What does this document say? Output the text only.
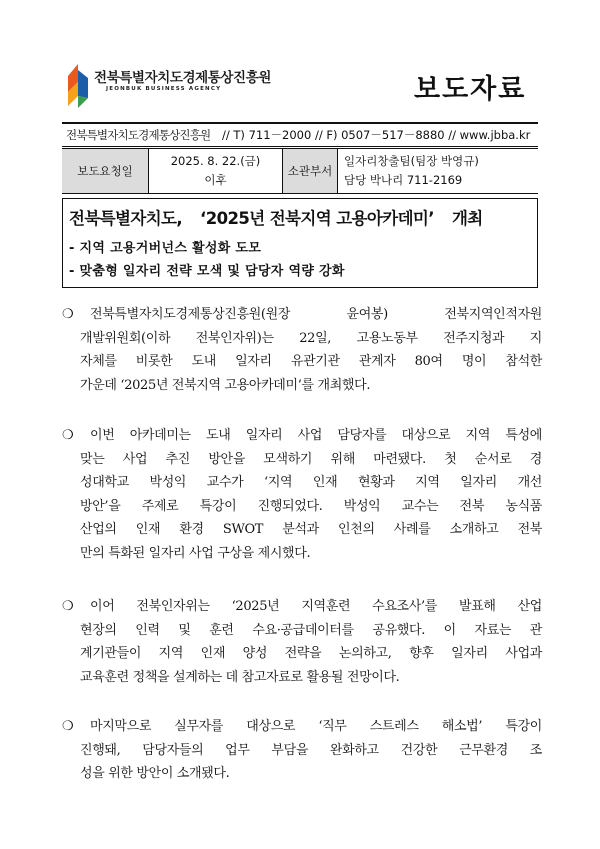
전북특별자치도경제통상진흥원
JEONBUK BUSINESS AGENCY	보도자료
전북특별자치도경제통상진흥원 // T) 711－2000 // F) 0507－517－8880 // www.jbba.kr
보도요청일
2025. 8. 22.(금)
이후
소관부서
일자리창출팀(팀장 박영규)
담당 박나리 711-2169
전북특별자치도, ‘2025년 전북지역 고용아카데미’ 개최
- 지역 고용거버넌스 활성화 도모
- 맞춤형 일자리 전략 모색 및 담당자 역량 강화
❍ 전북특별자치도경제통상진흥원(원장 윤여봉) 전북지역인적자원
개발위원회(이하 전북인자위)는 22일, 고용노동부 전주지청과 지
자체를 비롯한 도내 일자리 유관기관 관계자 80여 명이 참석한
가운데 ‘2025년 전북지역 고용아카데미’를 개최했다.
❍ 이번 아카데미는 도내 일자리 사업 담당자를 대상으로 지역 특성에
맞는 사업 추진 방안을 모색하기 위해 마련됐다. 첫 순서로 경
성대학교 박성익 교수가 ‘지역 인재 현황과 지역 일자리 개선
방안’을 주제로 특강이 진행되었다. 박성익 교수는 전북 농식품
산업의 인재 환경 SWOT 분석과 인천의 사례를 소개하고 전북
만의 특화된 일자리 사업 구상을 제시했다.
❍ 이어 전북인자위는 ‘2025년 지역훈련 수요조사’를 발표해 산업
현장의 인력 및 훈련 수요·공급데이터를 공유했다. 이 자료는 관
계기관들이 지역 인재 양성 전략을 논의하고, 향후 일자리 사업과
교육훈련 정책을 설계하는 데 참고자료로 활용될 전망이다.
❍ 마지막으로 실무자를 대상으로 ‘직무 스트레스 해소법’ 특강이
진행돼, 담당자들의 업무 부담을 완화하고 건강한 근무환경 조
성을 위한 방안이 소개됐다.
